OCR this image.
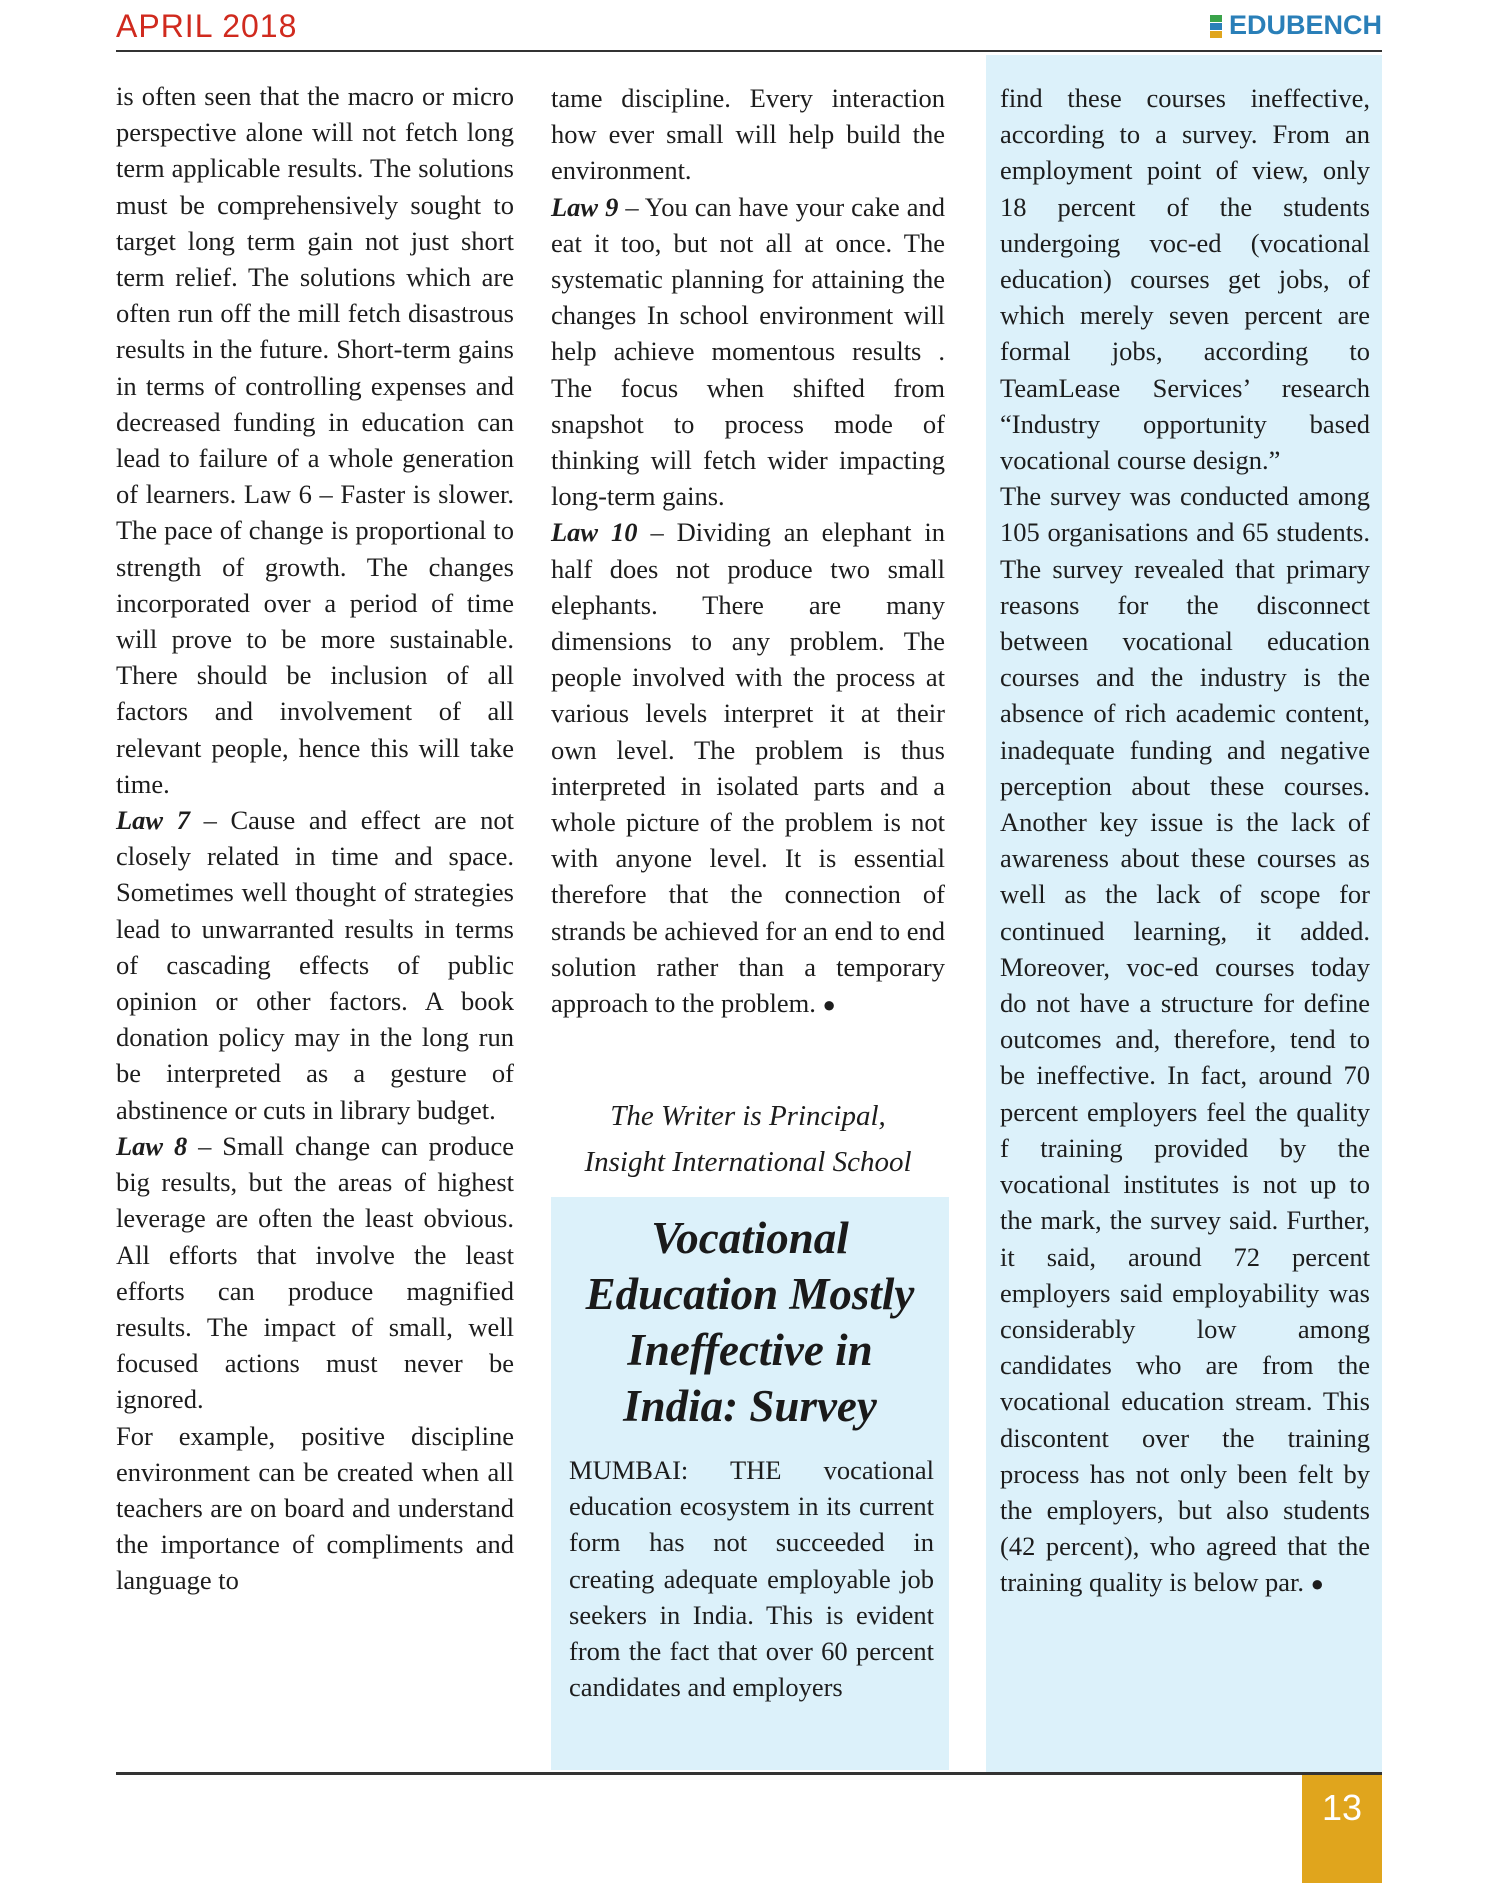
APRIL 2018	EDUBENCH

is often seen that the macro or micro perspective alone will not fetch long term applicable results. The solutions must be comprehensively sought to target long term gain not just short term relief. The solutions which are often run off the mill fetch disastrous results in the future. Short-term gains in terms of controlling expenses and decreased funding in education can lead to failure of a whole generation of learners. Law 6 – Faster is slower. The pace of change is proportional to strength of growth. The changes incorporated over a period of time will prove to be more sustainable. There should be inclusion of all factors and involvement of all relevant people, hence this will take time.

Law 7 – Cause and effect are not closely related in time and space. Sometimes well thought of strategies lead to unwarranted results in terms of cascading effects of public opinion or other factors. A book donation policy may in the long run be interpreted as a gesture of abstinence or cuts in library budget.

Law 8 – Small change can produce big results, but the areas of highest leverage are often the least obvious. All efforts that involve the least efforts can produce magnified results. The impact of small, well focused actions must never be ignored.

For example, positive discipline environment can be created when all teachers are on board and understand the importance of compliments and language to

tame discipline. Every interaction how ever small will help build the environment.

Law 9 – You can have your cake and eat it too, but not all at once. The systematic planning for attaining the changes In school environment will help achieve momentous results . The focus when shifted from snapshot to process mode of thinking will fetch wider impacting long-term gains.

Law 10 – Dividing an elephant in half does not produce two small elephants. There are many dimensions to any problem. The people involved with the process at various levels interpret it at their own level. The problem is thus interpreted in isolated parts and a whole picture of the problem is not with anyone level. It is essential therefore that the connection of strands be achieved for an end to end solution rather than a temporary approach to the problem. ●

The Writer is Principal,
Insight International School
Vocational
Education Mostly
Ineffective in
India: Survey

MUMBAI: THE vocational education ecosystem in its current form has not succeeded in creating adequate employable job seekers in India. This is evident from the fact that over 60 percent candidates and employers

find these courses ineffective, according to a survey. From an employment point of view, only 18 percent of the students undergoing voc-ed (vocational education) courses get jobs, of which merely seven percent are formal jobs, according to TeamLease Services’ research “Industry opportunity based vocational course design.”

The survey was conducted among 105 organisations and 65 students. The survey revealed that primary reasons for the disconnect between vocational education courses and the industry is the absence of rich academic content, inadequate funding and negative perception about these courses. Another key issue is the lack of awareness about these courses as well as the lack of scope for continued learning, it added. Moreover, voc-ed courses today do not have a structure for define outcomes and, therefore, tend to be ineffective. In fact, around 70 percent employers feel the quality f training provided by the vocational institutes is not up to the mark, the survey said. Further, it said, around 72 percent employers said employability was considerably low among candidates who are from the vocational education stream. This discontent over the training process has not only been felt by the employers, but also students (42 percent), who agreed that the training quality is below par. ●

13
